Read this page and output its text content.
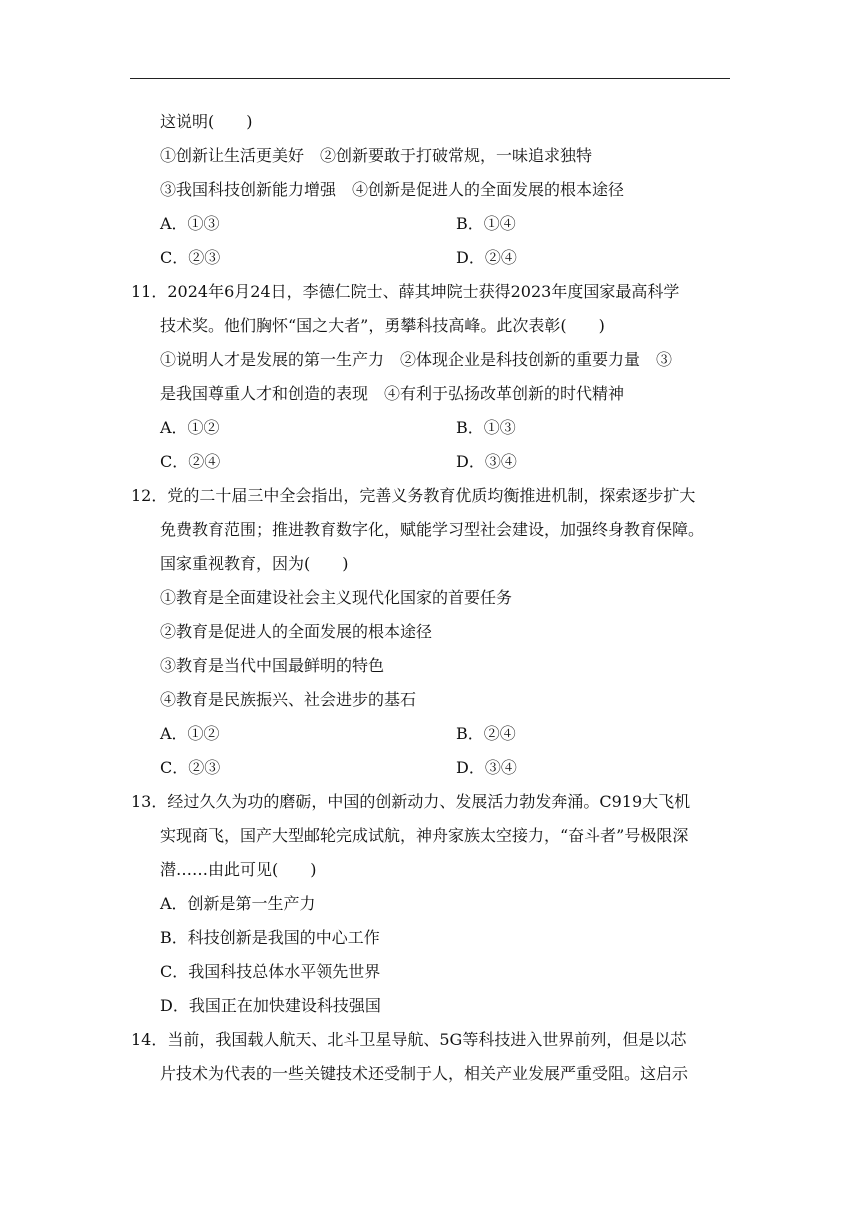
这说明(　　)
①创新让生活更美好　②创新要敢于打破常规，一味追求独特
③我国科技创新能力增强　④创新是促进人的全面发展的根本途径
A．①③	B．①④
C．②③	D．②④
11．2024年6月24日，李德仁院士、薛其坤院士获得2023年度国家最高科学
技术奖。他们胸怀“国之大者”，勇攀科技高峰。此次表彰(　　)
①说明人才是发展的第一生产力　②体现企业是科技创新的重要力量　③
是我国尊重人才和创造的表现　④有利于弘扬改革创新的时代精神
A．①②	B．①③
C．②④	D．③④
12．党的二十届三中全会指出，完善义务教育优质均衡推进机制，探索逐步扩大
免费教育范围；推进教育数字化，赋能学习型社会建设，加强终身教育保障。
国家重视教育，因为(　　)
①教育是全面建设社会主义现代化国家的首要任务
②教育是促进人的全面发展的根本途径
③教育是当代中国最鲜明的特色
④教育是民族振兴、社会进步的基石
A．①②	B．②④
C．②③	D．③④
13．经过久久为功的磨砺，中国的创新动力、发展活力勃发奔涌。C919大飞机
实现商飞，国产大型邮轮完成试航，神舟家族太空接力，“奋斗者”号极限深
潜……由此可见(　　)
A．创新是第一生产力
B．科技创新是我国的中心工作
C．我国科技总体水平领先世界
D．我国正在加快建设科技强国
14．当前，我国载人航天、北斗卫星导航、5G等科技进入世界前列，但是以芯
片技术为代表的一些关键技术还受制于人，相关产业发展严重受阻。这启示
